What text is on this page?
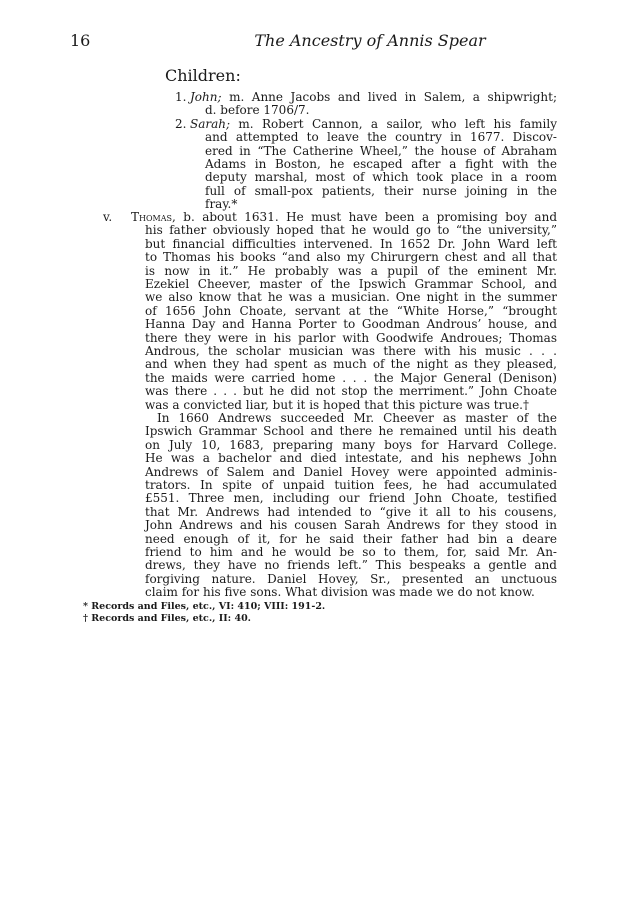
16	The Ancestry of Annis Spear
Children:
1. John; m. Anne Jacobs and lived in Salem, a shipwright;
d. before 1706/7.
2. Sarah; m. Robert Cannon, a sailor, who left his family
and attempted to leave the country in 1677. Discov-
ered in “The Catherine Wheel,” the house of Abraham
Adams in Boston, he escaped after a fight with the
deputy marshal, most of which took place in a room
full of small-pox patients, their nurse joining in the
fray.*
v. Thomas, b. about 1631. He must have been a promising boy and
his father obviously hoped that he would go to “the university,”
but financial difficulties intervened. In 1652 Dr. John Ward left
to Thomas his books “and also my Chirurgern chest and all that
is now in it.” He probably was a pupil of the eminent Mr.
Ezekiel Cheever, master of the Ipswich Grammar School, and
we also know that he was a musician. One night in the summer
of 1656 John Choate, servant at the “White Horse,” “brought
Hanna Day and Hanna Porter to Goodman Androus’ house, and
there they were in his parlor with Goodwife Androues; Thomas
Androus, the scholar musician was there with his music . . .
and when they had spent as much of the night as they pleased,
the maids were carried home . . . the Major General (Denison)
was there . . . but he did not stop the merriment.” John Choate
was a convicted liar, but it is hoped that this picture was true.†
In 1660 Andrews succeeded Mr. Cheever as master of the
Ipswich Grammar School and there he remained until his death
on July 10, 1683, preparing many boys for Harvard College.
He was a bachelor and died intestate, and his nephews John
Andrews of Salem and Daniel Hovey were appointed adminis-
trators. In spite of unpaid tuition fees, he had accumulated
£551. Three men, including our friend John Choate, testified
that Mr. Andrews had intended to “give it all to his cousens,
John Andrews and his cousen Sarah Andrews for they stood in
need enough of it, for he said their father had bin a deare
friend to him and he would be so to them, for, said Mr. An-
drews, they have no friends left.” This bespeaks a gentle and
forgiving nature. Daniel Hovey, Sr., presented an unctuous
claim for his five sons. What division was made we do not know.
* Records and Files, etc., VI: 410; VIII: 191-2.
† Records and Files, etc., II: 40.
